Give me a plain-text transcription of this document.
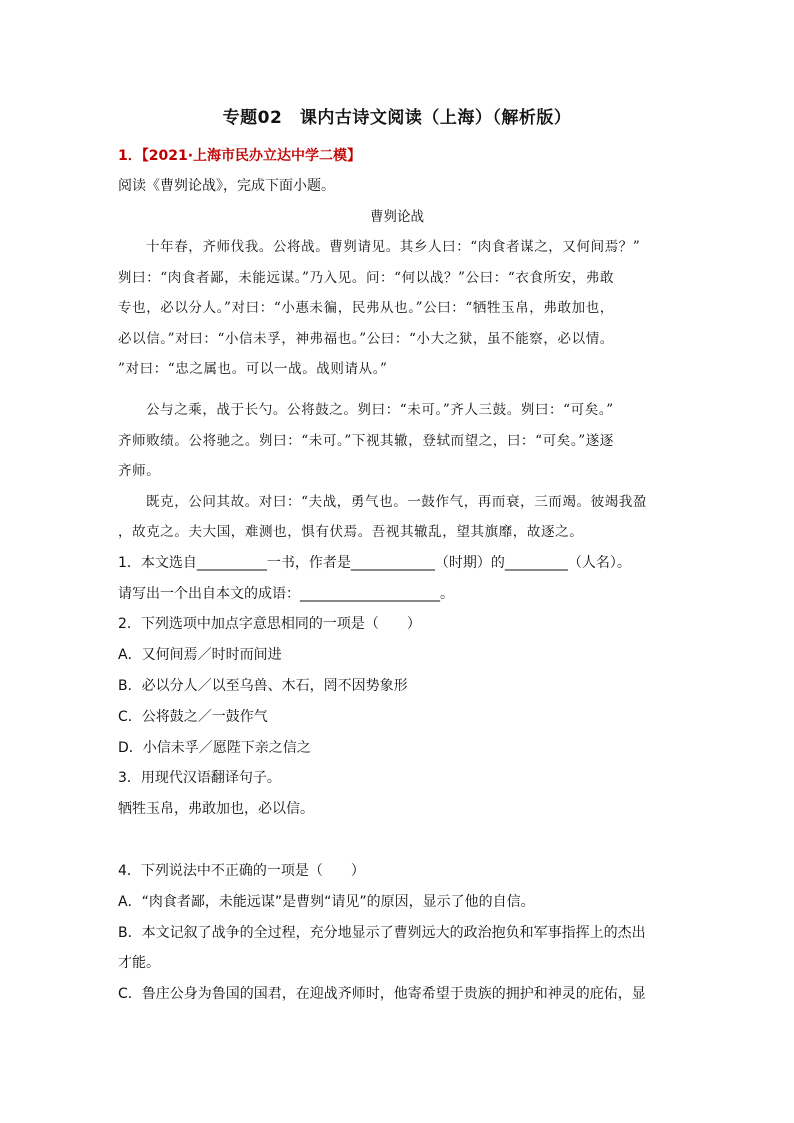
专题02　课内古诗文阅读（上海）（解析版）
1．【2021·上海市民办立达中学二模】
阅读《曹刿论战》，完成下面小题。
曹刿论战
十年春，齐师伐我。公将战。曹刿请见。其乡人曰：“肉食者谋之，又何间焉？”
刿曰：“肉食者鄙，未能远谋。”乃入见。问：“何以战？”公曰：“衣食所安，弗敢
专也，必以分人。”对曰：“小惠未徧，民弗从也。”公曰：“牺牲玉帛，弗敢加也，
必以信。”对曰：“小信未孚，神弗福也。”公曰：“小大之狱，虽不能察，必以情。
”对曰：“忠之属也。可以一战。战则请从。”
公与之乘，战于长勺。公将鼓之。刿曰：“未可。”齐人三鼓。刿曰：“可矣。”
齐师败绩。公将驰之。刿曰：“未可。”下视其辙，登轼而望之，曰：“可矣。”遂逐
齐师。
既克，公问其故。对曰：“夫战，勇气也。一鼓作气，再而衰，三而竭。彼竭我盈
，故克之。夫大国，难测也，惧有伏焉。吾视其辙乱，望其旗靡，故逐之。
1．本文选自__________一书，作者是____________（时期）的_________（人名）。
请写出一个出自本文的成语：____________________。
2．下列选项中加点字意思相同的一项是（　　）
A．又何间焉／时时而间进
B．必以分人／以至乌兽、木石，罔不因势象形
C．公将鼓之／一鼓作气
D．小信未孚／愿陛下亲之信之
3．用现代汉语翻译句子。
牺牲玉帛，弗敢加也，必以信。
4．下列说法中不正确的一项是（　　）
A．“肉食者鄙，未能远谋”是曹刿“请见”的原因，显示了他的自信。
B．本文记叙了战争的全过程，充分地显示了曹刿远大的政治抱负和军事指挥上的杰出
才能。
C．鲁庄公身为鲁国的国君，在迎战齐师时，他寄希望于贵族的拥护和神灵的庇佑，显
